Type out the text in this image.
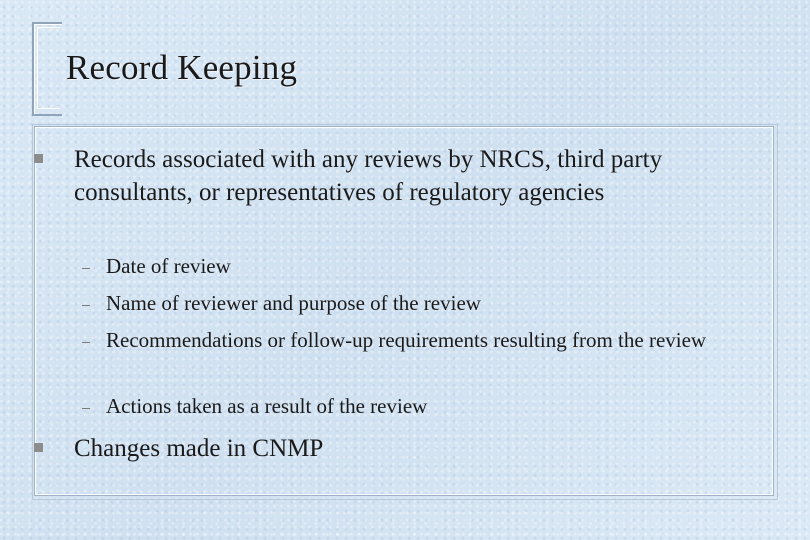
Record Keeping
Records associated with any reviews by NRCS, third party consultants, or representatives of regulatory agencies
Date of review
Name of reviewer and purpose of the review
Recommendations or follow-up requirements resulting from the review
Actions taken as a result of the review
Changes made in CNMP
